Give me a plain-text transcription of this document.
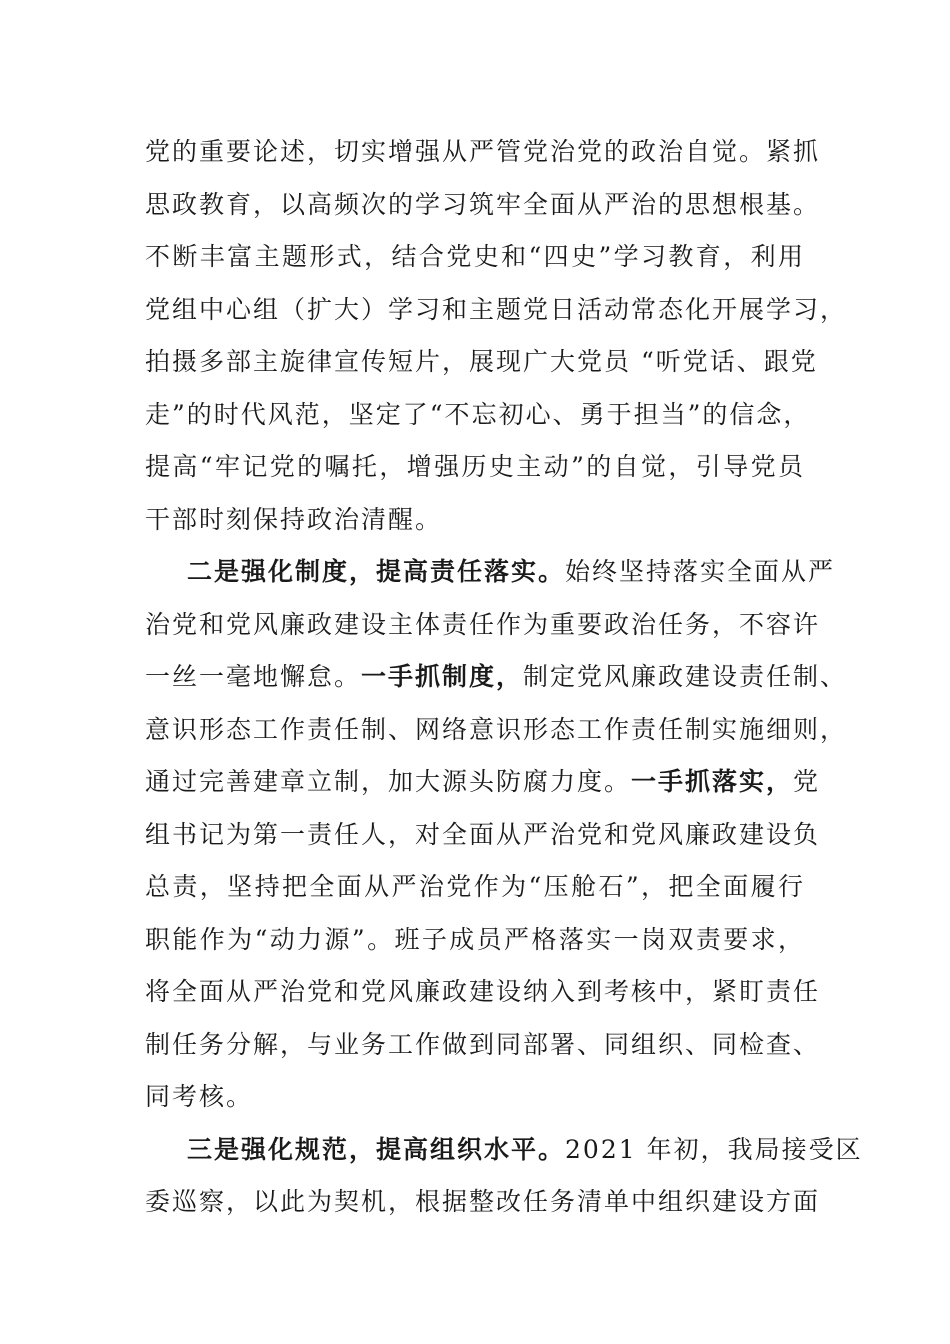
党的重要论述，切实增强从严管党治党的政治自觉。紧抓
思政教育，以高频次的学习筑牢全面从严治的思想根基。
不断丰富主题形式，结合党史和“四史”学习教育，利用
党组中心组（扩大）学习和主题党日活动常态化开展学习，
拍摄多部主旋律宣传短片，展现广大党员 “听党话、跟党
走”的时代风范，坚定了“不忘初心、勇于担当”的信念，
提高“牢记党的嘱托，增强历史主动”的自觉，引导党员
干部时刻保持政治清醒。
二是强化制度，提高责任落实。始终坚持落实全面从严
治党和党风廉政建设主体责任作为重要政治任务，不容许
一丝一毫地懈怠。一手抓制度，制定党风廉政建设责任制、
意识形态工作责任制、网络意识形态工作责任制实施细则，
通过完善建章立制，加大源头防腐力度。一手抓落实，党
组书记为第一责任人，对全面从严治党和党风廉政建设负
总责，坚持把全面从严治党作为“压舱石”，把全面履行
职能作为“动力源”。班子成员严格落实一岗双责要求，
将全面从严治党和党风廉政建设纳入到考核中，紧盯责任
制任务分解，与业务工作做到同部署、同组织、同检查、
同考核。
三是强化规范，提高组织水平。2021 年初，我局接受区
委巡察，以此为契机，根据整改任务清单中组织建设方面
